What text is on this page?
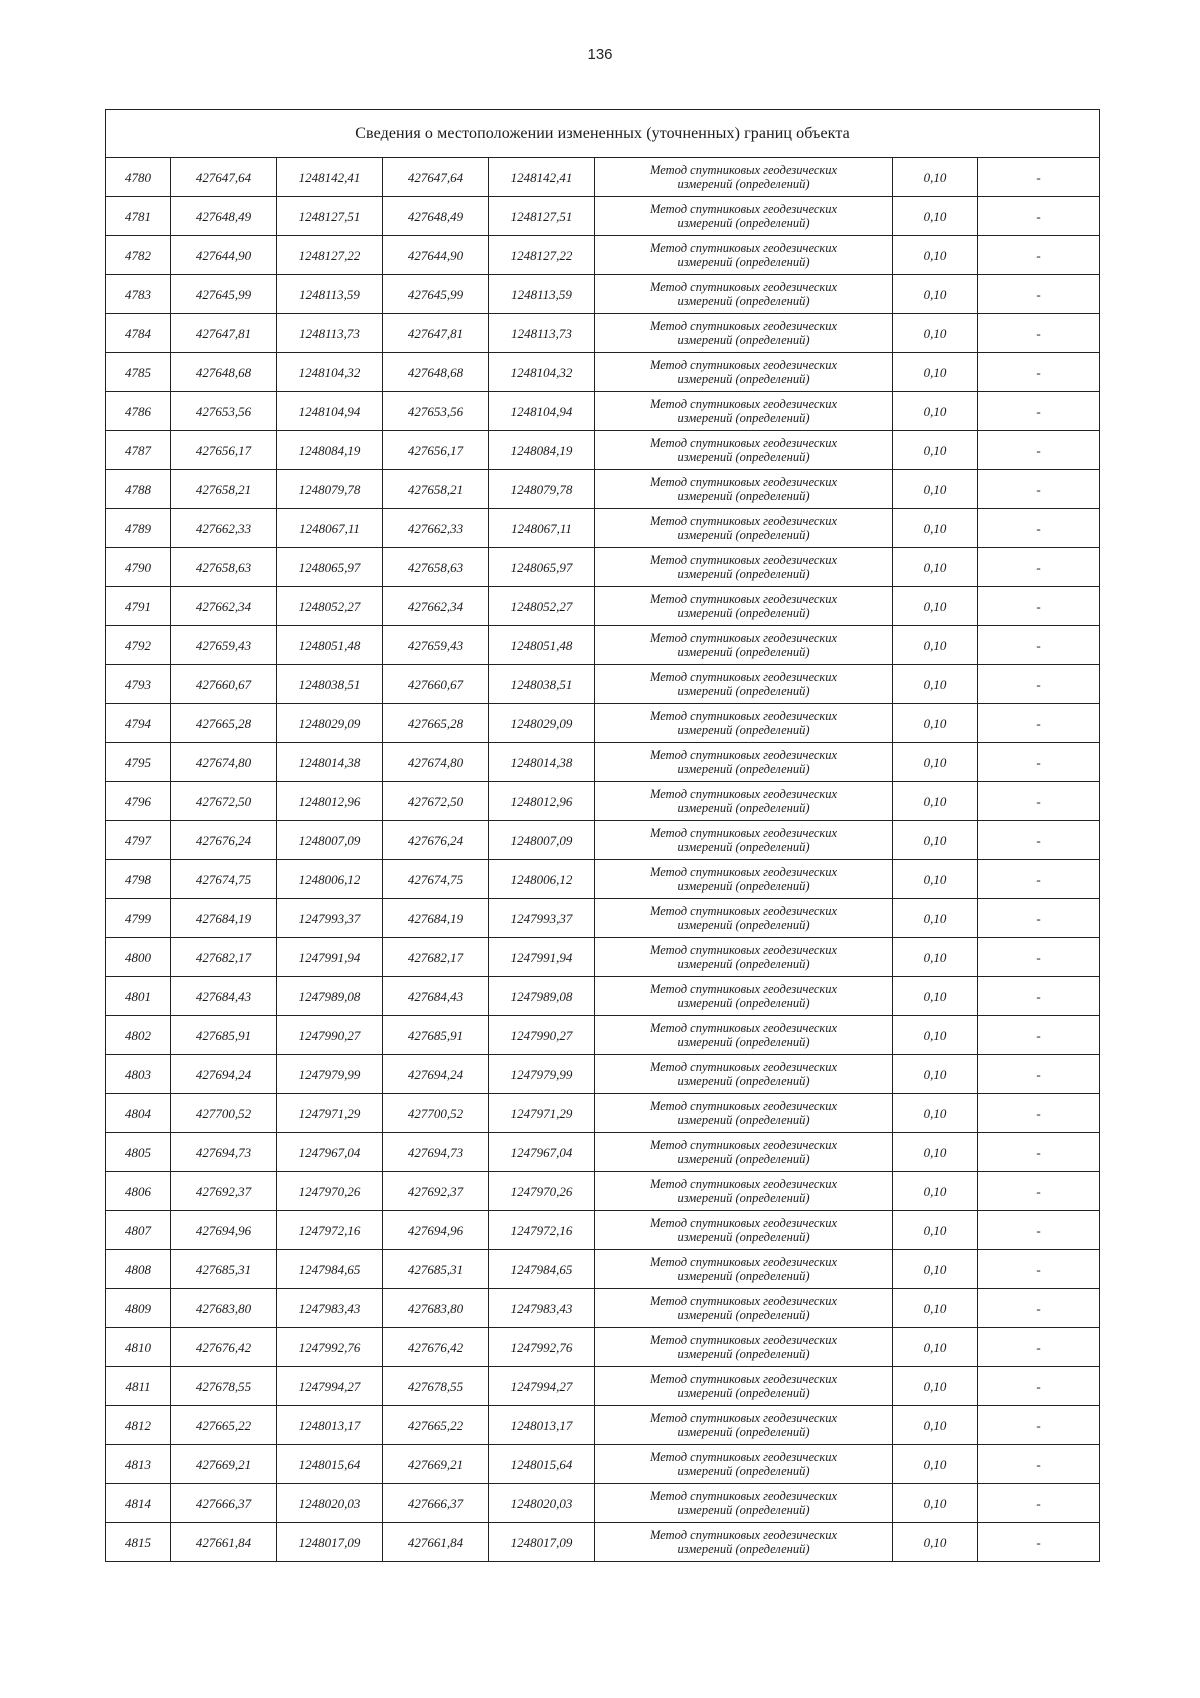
136
Сведения о местоположении измененных (уточненных) границ объекта							
4780	427647,64	1248142,41	427647,64	1248142,41	Метод спутниковых геодезических
измерений (определений)	0,10	-
4781	427648,49	1248127,51	427648,49	1248127,51	Метод спутниковых геодезических
измерений (определений)	0,10	-
4782	427644,90	1248127,22	427644,90	1248127,22	Метод спутниковых геодезических
измерений (определений)	0,10	-
4783	427645,99	1248113,59	427645,99	1248113,59	Метод спутниковых геодезических
измерений (определений)	0,10	-
4784	427647,81	1248113,73	427647,81	1248113,73	Метод спутниковых геодезических
измерений (определений)	0,10	-
4785	427648,68	1248104,32	427648,68	1248104,32	Метод спутниковых геодезических
измерений (определений)	0,10	-
4786	427653,56	1248104,94	427653,56	1248104,94	Метод спутниковых геодезических
измерений (определений)	0,10	-
4787	427656,17	1248084,19	427656,17	1248084,19	Метод спутниковых геодезических
измерений (определений)	0,10	-
4788	427658,21	1248079,78	427658,21	1248079,78	Метод спутниковых геодезических
измерений (определений)	0,10	-
4789	427662,33	1248067,11	427662,33	1248067,11	Метод спутниковых геодезических
измерений (определений)	0,10	-
4790	427658,63	1248065,97	427658,63	1248065,97	Метод спутниковых геодезических
измерений (определений)	0,10	-
4791	427662,34	1248052,27	427662,34	1248052,27	Метод спутниковых геодезических
измерений (определений)	0,10	-
4792	427659,43	1248051,48	427659,43	1248051,48	Метод спутниковых геодезических
измерений (определений)	0,10	-
4793	427660,67	1248038,51	427660,67	1248038,51	Метод спутниковых геодезических
измерений (определений)	0,10	-
4794	427665,28	1248029,09	427665,28	1248029,09	Метод спутниковых геодезических
измерений (определений)	0,10	-
4795	427674,80	1248014,38	427674,80	1248014,38	Метод спутниковых геодезических
измерений (определений)	0,10	-
4796	427672,50	1248012,96	427672,50	1248012,96	Метод спутниковых геодезических
измерений (определений)	0,10	-
4797	427676,24	1248007,09	427676,24	1248007,09	Метод спутниковых геодезических
измерений (определений)	0,10	-
4798	427674,75	1248006,12	427674,75	1248006,12	Метод спутниковых геодезических
измерений (определений)	0,10	-
4799	427684,19	1247993,37	427684,19	1247993,37	Метод спутниковых геодезических
измерений (определений)	0,10	-
4800	427682,17	1247991,94	427682,17	1247991,94	Метод спутниковых геодезических
измерений (определений)	0,10	-
4801	427684,43	1247989,08	427684,43	1247989,08	Метод спутниковых геодезических
измерений (определений)	0,10	-
4802	427685,91	1247990,27	427685,91	1247990,27	Метод спутниковых геодезических
измерений (определений)	0,10	-
4803	427694,24	1247979,99	427694,24	1247979,99	Метод спутниковых геодезических
измерений (определений)	0,10	-
4804	427700,52	1247971,29	427700,52	1247971,29	Метод спутниковых геодезических
измерений (определений)	0,10	-
4805	427694,73	1247967,04	427694,73	1247967,04	Метод спутниковых геодезических
измерений (определений)	0,10	-
4806	427692,37	1247970,26	427692,37	1247970,26	Метод спутниковых геодезических
измерений (определений)	0,10	-
4807	427694,96	1247972,16	427694,96	1247972,16	Метод спутниковых геодезических
измерений (определений)	0,10	-
4808	427685,31	1247984,65	427685,31	1247984,65	Метод спутниковых геодезических
измерений (определений)	0,10	-
4809	427683,80	1247983,43	427683,80	1247983,43	Метод спутниковых геодезических
измерений (определений)	0,10	-
4810	427676,42	1247992,76	427676,42	1247992,76	Метод спутниковых геодезических
измерений (определений)	0,10	-
4811	427678,55	1247994,27	427678,55	1247994,27	Метод спутниковых геодезических
измерений (определений)	0,10	-
4812	427665,22	1248013,17	427665,22	1248013,17	Метод спутниковых геодезических
измерений (определений)	0,10	-
4813	427669,21	1248015,64	427669,21	1248015,64	Метод спутниковых геодезических
измерений (определений)	0,10	-
4814	427666,37	1248020,03	427666,37	1248020,03	Метод спутниковых геодезических
измерений (определений)	0,10	-
4815	427661,84	1248017,09	427661,84	1248017,09	Метод спутниковых геодезических
измерений (определений)	0,10	-
